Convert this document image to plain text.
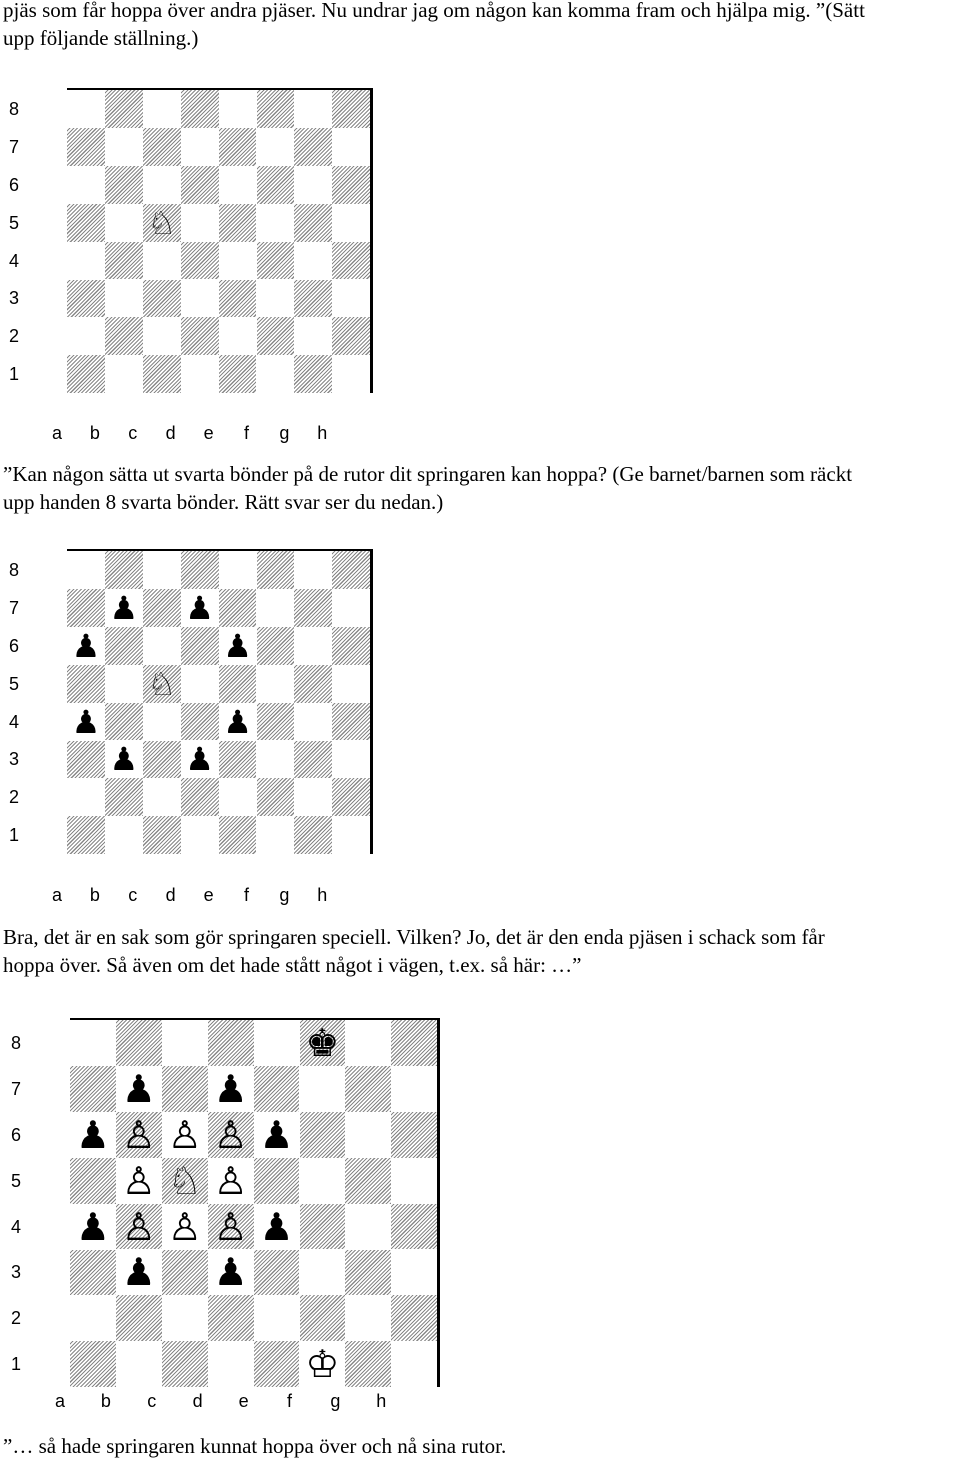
pjäs som får hoppa över andra pjäser. Nu undrar jag om någon kan komma fram och hjälpa mig. ”(Sätt

upp följande ställning.)

♘
8
7
6
5
4
3
2
1
a b c d e	f	g h

”Kan någon sätta ut svarta bönder på de rutor dit springaren kan hoppa? (Ge barnet/barnen som räckt

upp handen 8 svarta bönder. Rätt svar ser du nedan.)

♟ ♟
♟	♟
♘
♟	♟
♟ ♟
8
7
6
5
4
3
2
1
a b c d e	f	g h

Bra, det är en sak som gör springaren speciell. Vilken? Jo, det är den enda pjäsen i schack som får

hoppa över. Så även om det hade stått något i vägen, t.ex. så här: …”

♚
♟ ♟
♟ ♙ ♙ ♙ ♟
♙ ♘ ♙
♟ ♙ ♙ ♙ ♟
♟ ♟
♔
8
7
6
5
4
3
2
1
a b c d e	f	g h

”… så hade springaren kunnat hoppa över och nå sina rutor.
